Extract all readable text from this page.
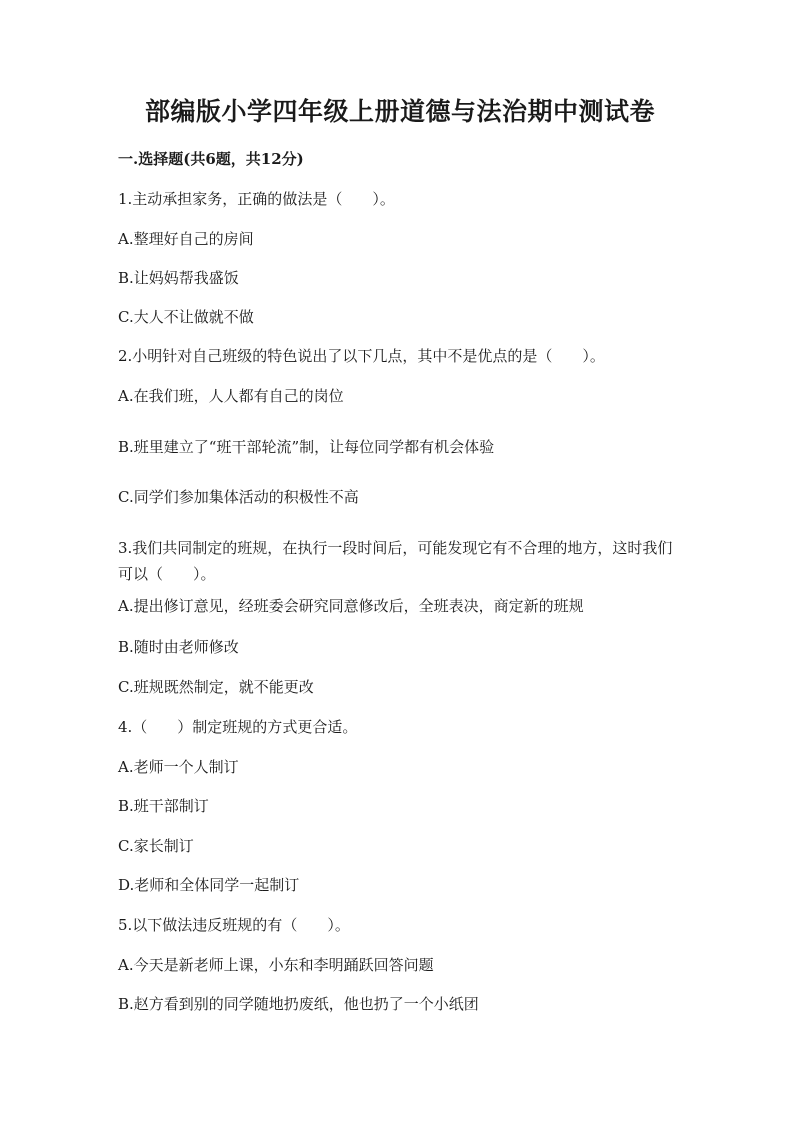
部编版小学四年级上册道德与法治期中测试卷
一.选择题(共6题，共12分)
1.主动承担家务，正确的做法是（　　）。
A.整理好自己的房间
B.让妈妈帮我盛饭
C.大人不让做就不做
2.小明针对自己班级的特色说出了以下几点，其中不是优点的是（　　）。
A.在我们班，人人都有自己的岗位
B.班里建立了“班干部轮流”制，让每位同学都有机会体验
C.同学们参加集体活动的积极性不高
3.我们共同制定的班规，在执行一段时间后，可能发现它有不合理的地方，这时我们可以（　　）。
A.提出修订意见，经班委会研究同意修改后，全班表决，商定新的班规
B.随时由老师修改
C.班规既然制定，就不能更改
4.（　　）制定班规的方式更合适。
A.老师一个人制订
B.班干部制订
C.家长制订
D.老师和全体同学一起制订
5.以下做法违反班规的有（　　）。
A.今天是新老师上课，小东和李明踊跃回答问题
B.赵方看到别的同学随地扔废纸，他也扔了一个小纸团
